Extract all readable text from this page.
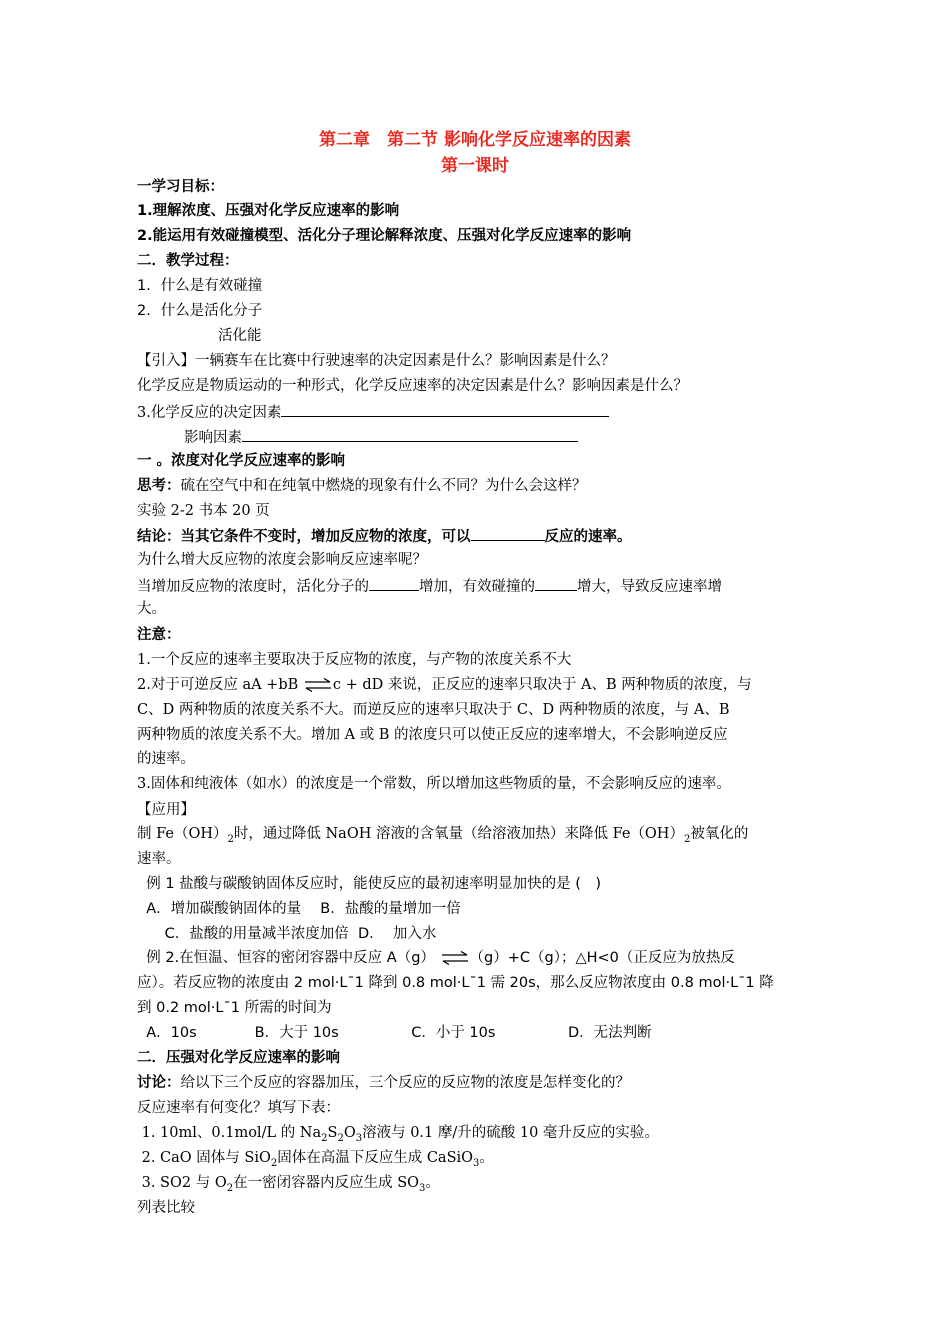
第二章　第二节 影响化学反应速率的因素
第一课时
一学习目标：
1.理解浓度、压强对化学反应速率的影响
2.能运用有效碰撞模型、活化分子理论解释浓度、压强对化学反应速率的影响
二．教学过程：
1．什么是有效碰撞
2．什么是活化分子
活化能
【引入】一辆赛车在比赛中行驶速率的决定因素是什么？影响因素是什么？
化学反应是物质运动的一种形式，化学反应速率的决定因素是什么？影响因素是什么？
3.化学反应的决定因素
影响因素
一 。浓度对化学反应速率的影响
思考：硫在空气中和在纯氧中燃烧的现象有什么不同？为什么会这样？
实验 2-2 书本 20 页
结论：当其它条件不变时，增加反应物的浓度，可以	反应的速率。
为什么增大反应物的浓度会影响反应速率呢？
当增加反应物的浓度时，活化分子的	增加，有效碰撞的	增大，导致反应速率增
大。
注意：
1.一个反应的速率主要取决于反应物的浓度，与产物的浓度关系不大
2.对于可逆反应 aA +bB ⇌c + dD 来说，正反应的速率只取决于 A、B 两种物质的浓度，与
C、D 两种物质的浓度关系不大。而逆反应的速率只取决于 C、D 两种物质的浓度，与 A、B
两种物质的浓度关系不大。增加 A 或 B 的浓度只可以使正反应的速率增大，不会影响逆反应
的速率。
3.固体和纯液体（如水）的浓度是一个常数，所以增加这些物质的量，不会影响反应的速率。
【应用】
制 $Fe(OH)_2$时，通过降低 NaOH 溶液的含氧量（给溶液加热）来降低 $Fe(OH)_2$被氧化的
速率。
例 1 盐酸与碳酸钠固体反应时，能使反应的最初速率明显加快的是 (　)
A．增加碳酸钠固体的量　 B．盐酸的量增加一倍
C．盐酸的用量减半浓度加倍  D．  加入水
例 2.在恒温、恒容的密闭容器中反应 A（g） ⇌（g）+C（g）；△H<0（正反应为放热反
应）。若反应物的浓度由 2 mol·L¯1 降到 0.8 mol·L¯1 需 20s，那么反应物浓度由 0.8 mol·L¯1 降
到 0.2 mol·L¯1 所需的时间为
A．10s　　　　B．大于 10s　　　　　C．小于 10s　　　　　D．无法判断
二．压强对化学反应速率的影响
讨论：给以下三个反应的容器加压，三个反应的反应物的浓度是怎样变化的？
反应速率有何变化？填写下表：
1. 10ml、0.1mol/L 的 $Na_2S_2O_3$溶液与 0.1 摩/升的硫酸 10 毫升反应的实验。
2. CaO 固体与 SiO$_2$固体在高温下反应生成 CaSiO$_3$。
3. SO2 与 $O_2$在一密闭容器内反应生成 $SO_3$。
列表比较
